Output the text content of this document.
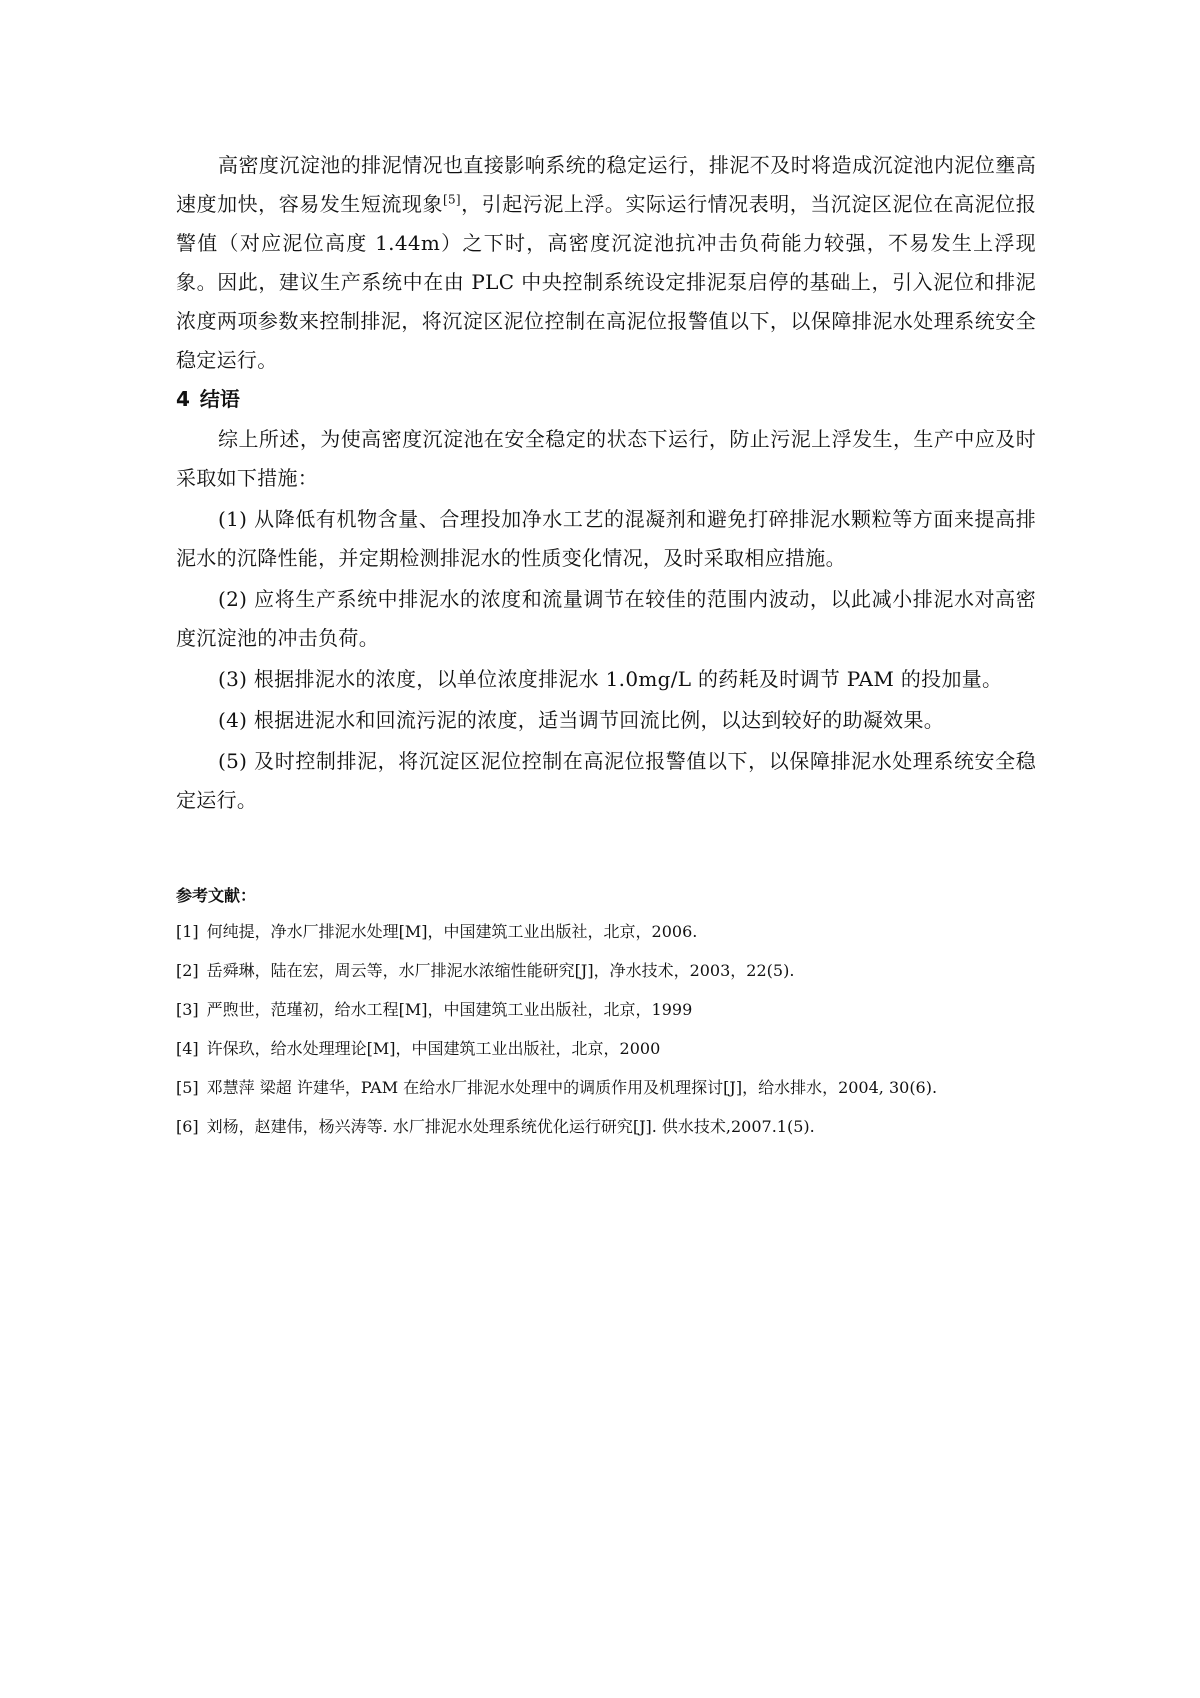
高密度沉淀池的排泥情况也直接影响系统的稳定运行，排泥不及时将造成沉淀池内泥位壅高速度加快，容易发生短流现象[5]，引起污泥上浮。实际运行情况表明，当沉淀区泥位在高泥位报警值（对应泥位高度 1.44m）之下时，高密度沉淀池抗冲击负荷能力较强，不易发生上浮现象。因此，建议生产系统中在由 PLC 中央控制系统设定排泥泵启停的基础上，引入泥位和排泥浓度两项参数来控制排泥，将沉淀区泥位控制在高泥位报警值以下，以保障排泥水处理系统安全稳定运行。

4 结语

综上所述，为使高密度沉淀池在安全稳定的状态下运行，防止污泥上浮发生，生产中应及时采取如下措施：

(1) 从降低有机物含量、合理投加净水工艺的混凝剂和避免打碎排泥水颗粒等方面来提高排泥水的沉降性能，并定期检测排泥水的性质变化情况，及时采取相应措施。

(2) 应将生产系统中排泥水的浓度和流量调节在较佳的范围内波动，以此减小排泥水对高密度沉淀池的冲击负荷。

(3) 根据排泥水的浓度，以单位浓度排泥水 1.0mg/L 的药耗及时调节 PAM 的投加量。

(4) 根据进泥水和回流污泥的浓度，适当调节回流比例，以达到较好的助凝效果。

(5) 及时控制排泥，将沉淀区泥位控制在高泥位报警值以下，以保障排泥水处理系统安全稳定运行。

参考文献：
[1] 何纯提，净水厂排泥水处理[M]，中国建筑工业出版社，北京，2006.
[2] 岳舜琳，陆在宏，周云等，水厂排泥水浓缩性能研究[J]，净水技术，2003，22(5).
[3] 严煦世，范瑾初，给水工程[M]，中国建筑工业出版社，北京，1999
[4] 许保玖，给水处理理论[M]，中国建筑工业出版社，北京，2000
[5] 邓慧萍 梁超 许建华，PAM 在给水厂排泥水处理中的调质作用及机理探讨[J]，给水排水，2004, 30(6).
[6] 刘杨，赵建伟，杨兴涛等. 水厂排泥水处理系统优化运行研究[J]. 供水技术,2007.1(5).
